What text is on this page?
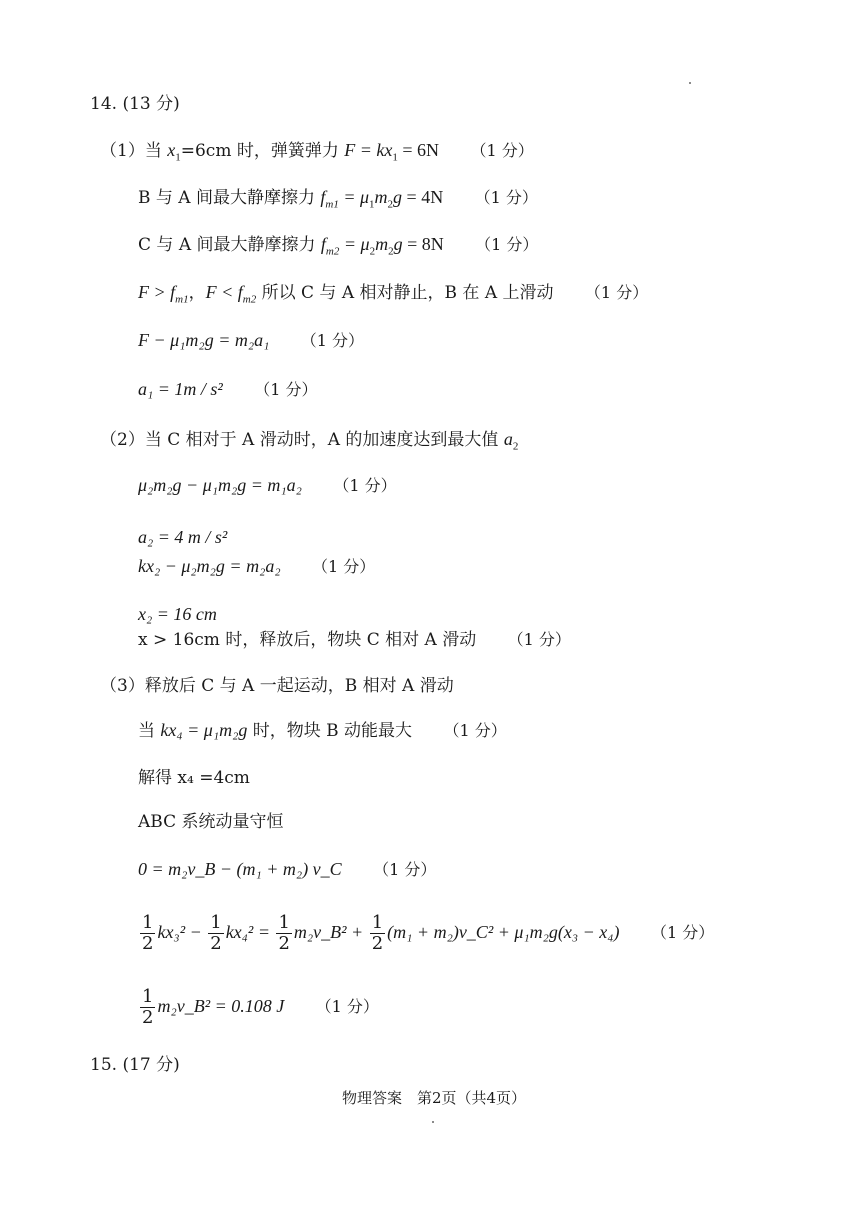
14. (13 分)
（1）当 $x_1=6cm$ 时，弹簧弹力 $F = kx_1 = 6N$ （1 分）
B 与 A 间最大静摩擦力 $f_{m1} = \mu_1m_2g = 4N$ （1 分）
C 与 A 间最大静摩擦力 $f_{m2} = \mu_2m_2g = 8N$ （1 分）
$F > f_{m1}$，$F < f_{m2}$ 所以 C 与 A 相对静止，B 在 A 上滑动 （1 分）
F − μ₁m₂g = m₂a₁ （1 分）
a₁ = 1m / s² （1 分）
（2）当 C 相对于 A 滑动时，A 的加速度达到最大值 $a_2$
μ₂m₂g − μ₁m₂g = m₁a₂ （1 分）
a₂ = 4 m / s²
kx₂ − μ₂m₂g = m₂a₂ （1 分）
x₂ = 16 cm
x > 16cm 时，释放后，物块 C 相对 A 滑动 （1 分）
（3）释放后 C 与 A 一起运动，B 相对 A 滑动
当 kx₄ = μ₁m₂g 时，物块 B 动能最大 （1 分）
解得 x₄ =4cm
ABC 系统动量守恒
0 = m₂v_B − (m₁ + m₂) v_C （1 分）
$\frac{1}{2} kx_3^2 - \frac{1}{2} kx_4^2 = \frac{1}{2}$ m₂v_B² + $\frac{1}{2} (m_1$ + m₂)v_C² + μ₁m₂g(x₃ − x₄) （1 分）
$\frac{1}{2}$ m₂v_B² = 0.108 J （1 分）
15. (17 分)
物理答案　第2页（共4页）
